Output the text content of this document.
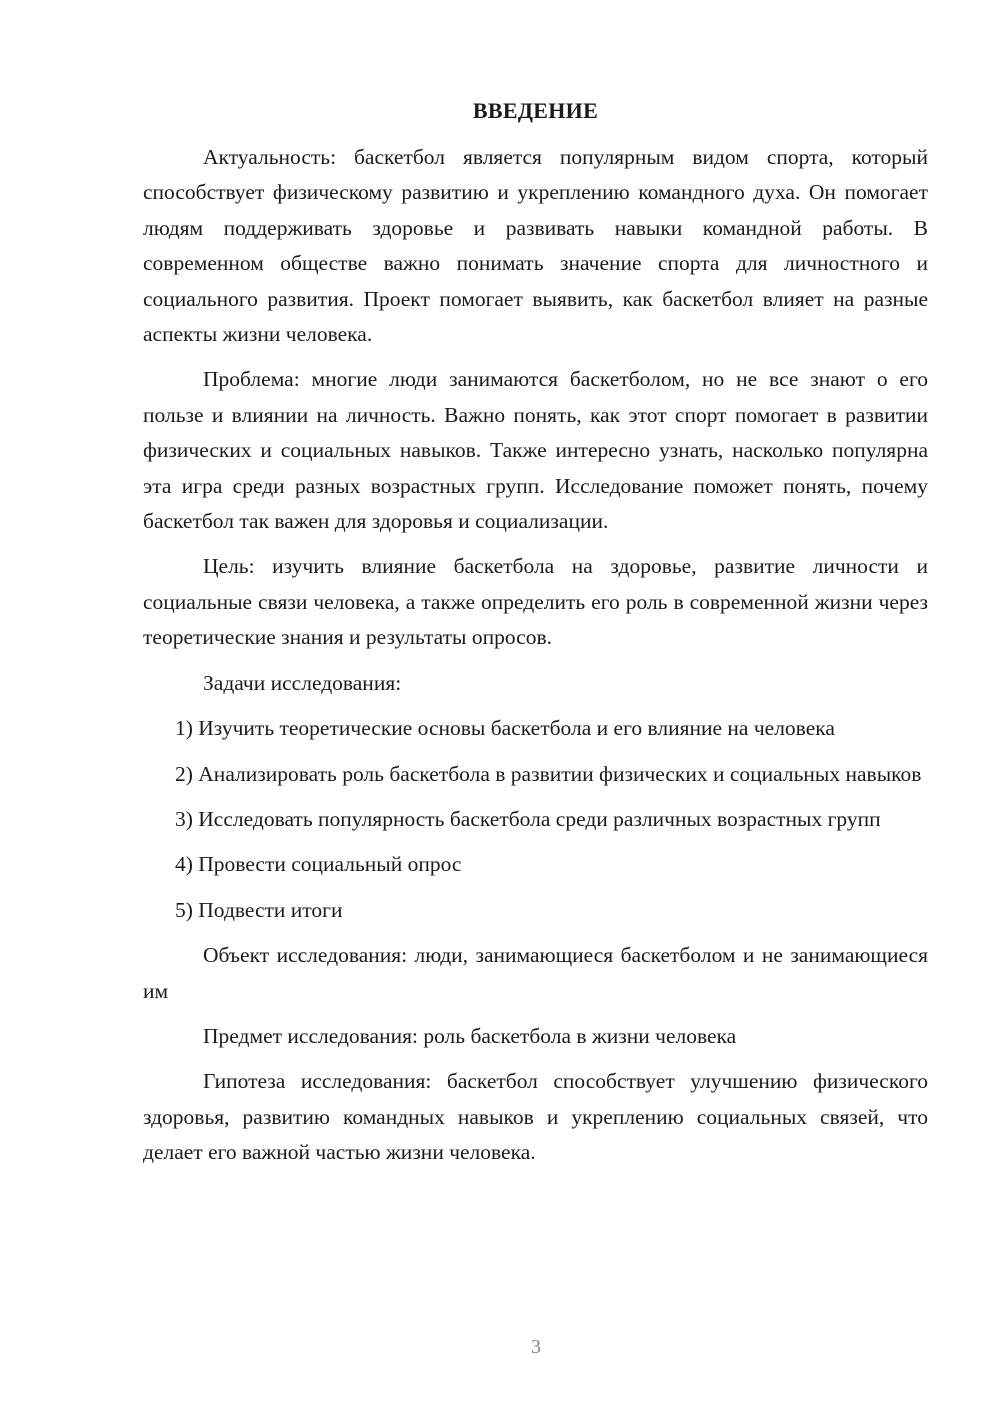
ВВЕДЕНИЕ

Актуальность: баскетбол является популярным видом спорта, который способствует физическому развитию и укреплению командного духа. Он помогает людям поддерживать здоровье и развивать навыки командной работы. В современном обществе важно понимать значение спорта для личностного и социального развития. Проект помогает выявить, как баскетбол влияет на разные аспекты жизни человека.

Проблема: многие люди занимаются баскетболом, но не все знают о его пользе и влиянии на личность. Важно понять, как этот спорт помогает в развитии физических и социальных навыков. Также интересно узнать, насколько популярна эта игра среди разных возрастных групп. Исследование поможет понять, почему баскетбол так важен для здоровья и социализации.

Цель: изучить влияние баскетбола на здоровье, развитие личности и социальные связи человека, а также определить его роль в современной жизни через теоретические знания и результаты опросов.

Задачи исследования:

1) Изучить теоретические основы баскетбола и его влияние на человека

2) Анализировать роль баскетбола в развитии физических и социальных навыков

3) Исследовать популярность баскетбола среди различных возрастных групп

4) Провести социальный опрос

5) Подвести итоги

Объект исследования: люди, занимающиеся баскетболом и не занимающиеся им

Предмет исследования: роль баскетбола в жизни человека

Гипотеза исследования: баскетбол способствует улучшению физического здоровья, развитию командных навыков и укреплению социальных связей, что делает его важной частью жизни человека.

3
